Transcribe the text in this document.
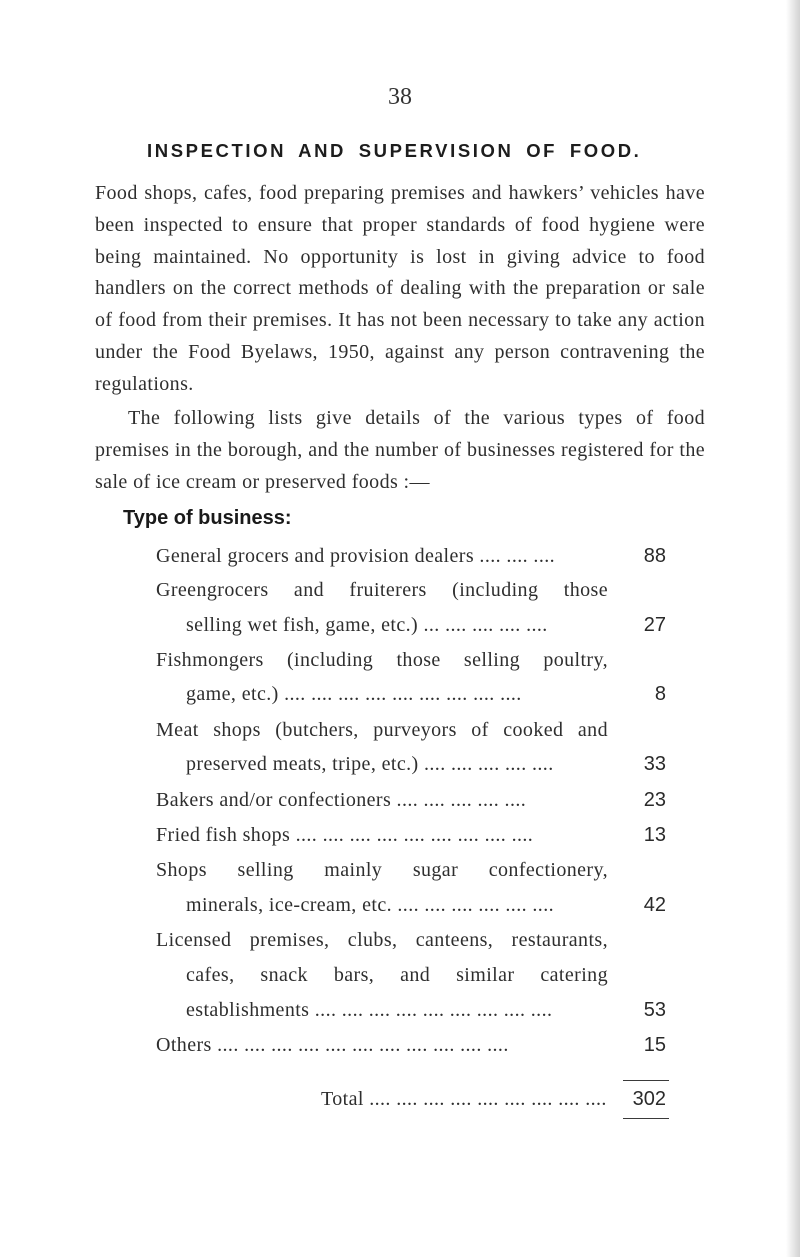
38
INSPECTION AND SUPERVISION OF FOOD.

Food shops, cafes, food preparing premises and hawkers’ vehicles have been inspected to ensure that proper standards of food hygiene were being maintained. No opportunity is lost in giving advice to food handlers on the correct methods of dealing with the preparation or sale of food from their premises. It has not been necessary to take any action under the Food Byelaws, 1950, against any person contravening the regulations.

The following lists give details of the various types of food premises in the borough, and the number of businesses registered for the sale of ice cream or preserved foods :—

Type of business:
General grocers and provision dealers .... .... ....	88
Greengrocers and fruiterers (including those
selling wet fish, game, etc.) ... .... .... .... ....	27
Fishmongers (including those selling poultry,
game, etc.) .... .... .... .... .... .... .... .... ....	8
Meat shops (butchers, purveyors of cooked and
preserved meats, tripe, etc.) .... .... .... .... ....	33
Bakers and/or confectioners .... .... .... .... ....	23
Fried fish shops .... .... .... .... .... .... .... .... ....	13
Shops selling mainly sugar confectionery,
minerals, ice-cream, etc. .... .... .... .... .... ....	42
Licensed premises, clubs, canteens, restaurants,
cafes, snack bars, and similar catering
establishments .... .... .... .... .... .... .... .... ....	53
Others .... .... .... .... .... .... .... .... .... .... ....	15
Total .... .... .... .... .... .... .... .... ....	302
